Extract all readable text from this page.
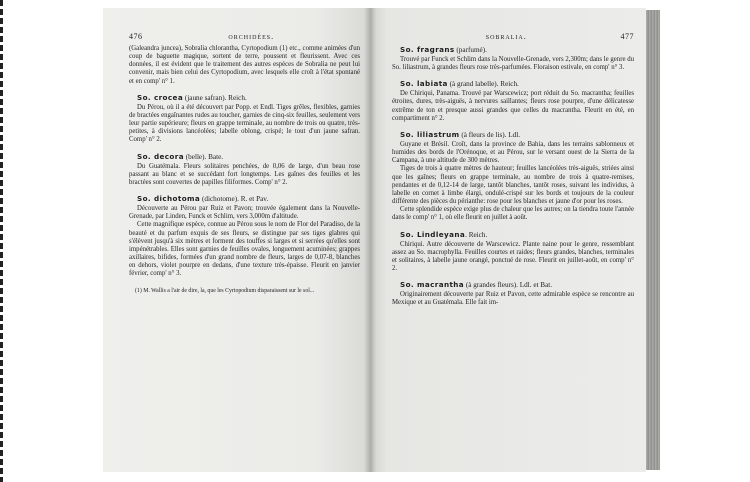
476	orchidées.

(Galeandra juncea), Sobralia chlorantha, Cyrtopodium (1) etc., comme animées d'un coup de baguette magique, sortent de terre, poussent et fleurissent. Avec ces données, il est évident que le traitement des autres espèces de Sobralia ne peut lui convenir, mais bien celui des Cyrtopodium, avec lesquels elle croît à l'état spontané et en comp' n° 1.

So. crocea (jaune safran). Reich.

Du Pérou, où il a été découvert par Popp. et Endl. Tiges grêles, flexibles, garnies de bractées engaînantes rudes au toucher, garnies de cinq-six feuilles, seulement vers leur partie supérieure; fleurs en grappe terminale, au nombre de trois ou quatre, très-petites, à divisions lancéolées; labelle oblong, crispé; le tout d'un jaune safran. Comp' n° 2.

So. decora (belle). Bate.

Du Guatémala. Fleurs solitaires penchées, de 0,06 de large, d'un beau rose passant au blanc et se succédant fort longtemps. Les gaînes des feuilles et les bractées sont couvertes de papilles filiformes. Comp' n° 2.

So. dichotoma (dichotome). R. et Pav.

Découverte au Pérou par Ruiz et Pavon; trouvée également dans la Nouvelle-Grenade, par Linden, Funck et Schlim, vers 3,000m d'altitude.

Cette magnifique espèce, connue au Pérou sous le nom de Flor del Paradiso, de la beauté et du parfum exquis de ses fleurs, se distingue par ses tiges glabres qui s'élèvent jusqu'à six mètres et forment des touffes si larges et si serrées qu'elles sont impénétrables. Elles sont garnies de feuilles ovales, longuement acuminées; grappes axillaires, bifides, formées d'un grand nombre de fleurs, larges de 0,07-8, blanches en dehors, violet pourpre en dedans, d'une texture très-épaisse. Fleurit en janvier février, comp' n° 3.

(1) M. Wallis a l'air de dire, la, que les Cyrtopodium disparaissent sur le sol...

sobralia.	477
So. fragrans (parfumé).

Trouvé par Funck et Schlim dans la Nouvelle-Grenade, vers 2,300m; dans le genre du So. liliastrum, à grandes fleurs rose très-parfumées. Floraison estivale, en comp' n° 3.

So. labiata (à grand labelle). Reich.

De Chiriqui, Panama. Trouvé par Warscewicz; port réduit du So. macrantha; feuilles étroites, dures, très-aiguës, à nervures saillantes; fleurs rose pourpre, d'une délicatesse extrême de ton et presque aussi grandes que celles du macrantha. Fleurit en été, en compartiment n° 2.

So. liliastrum (à fleurs de lis). Ldl.

Guyane et Brésil. Croît, dans la province de Bahia, dans les terrains sablonneux et humides des bords de l'Orénoque, et au Pérou, sur le versant ouest de la Sierra de la Campana, à une altitude de 300 mètres.

Tiges de trois à quatre mètres de hauteur; feuilles lancéolées très-aiguës, striées ainsi que les gaînes; fleurs en grappe terminale, au nombre de trois à quatre-remises, pendantes et de 0,12-14 de large, tantôt blanches, tantôt roses, suivant les individus, à labelle en cornet à limbe élargi, ondulé-crispé sur les bords et toujours de la couleur différente des pièces du périanthe: rose pour les blanches et jaune d'or pour les roses.

Cette splendide espèce exige plus de chaleur que les autres; on la tiendra toute l'année dans le comp' n° 1, où elle fleurit en juillet à août.

So. Lindleyana. Reich.

Chiriqui. Autre découverte de Warscewicz. Plante naine pour le genre, ressemblant assez au So. macrophylla. Feuilles courtes et raides; fleurs grandes, blanches, terminales et solitaires, à labelle jaune orangé, ponctué de rose. Fleurit en juillet-août, en comp' n° 2.

So. macrantha (à grandes fleurs). Ldl. et Bat.

Originairement découverte par Ruiz et Pavon, cette admirable espèce se rencontre au Mexique et au Guatémala. Elle fait im-
